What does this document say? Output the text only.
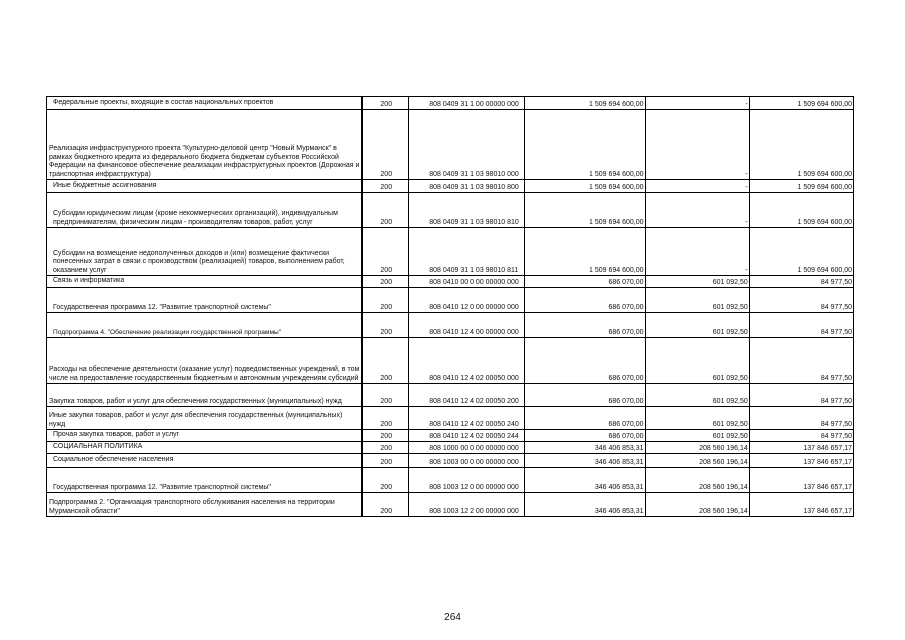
Федеральные проекты, входящие в состав национальных проектов	200	808 0409 31 1 00 00000 000	1 509 694 600,00	-	1 509 694 600,00
Реализация инфраструктурного проекта "Культурно-деловой центр "Новый Мурманск" в рамках бюджетного кредита из федерального бюджета бюджетам субъектов Российской Федерации на финансовое обеспечение реализации инфраструктурных проектов (Дорожная и транспортная инфраструктура)	200	808 0409 31 1 03 98010 000	1 509 694 600,00	-	1 509 694 600,00
Иные бюджетные ассигнования	200	808 0409 31 1 03 98010 800	1 509 694 600,00	-	1 509 694 600,00
Субсидии юридическим лицам (кроме некоммерческих организаций), индивидуальным предпринимателям, физическим лицам - производителям товаров, работ, услуг	200	808 0409 31 1 03 98010 810	1 509 694 600,00	-	1 509 694 600,00
Субсидии на возмещение недополученных доходов и (или) возмещение фактически понесенных затрат в связи с производством (реализацией) товаров, выполнением работ, оказанием услуг	200	808 0409 31 1 03 98010 811	1 509 694 600,00	-	1 509 694 600,00
Связь и информатика	200	808 0410 00 0 00 00000 000	686 070,00	601 092,50	84 977,50
Государственная программа 12. "Развитие транспортной системы"	200	808 0410 12 0 00 00000 000	686 070,00	601 092,50	84 977,50
Подпрограмма 4. "Обеспечение реализации государственной программы"	200	808 0410 12 4 00 00000 000	686 070,00	601 092,50	84 977,50
Расходы на обеспечение деятельности (оказание услуг) подведомственных учреждений, в том числе на предоставление государственным бюджетным и автономным учреждениям субсидий	200	808 0410 12 4 02 00050 000	686 070,00	601 092,50	84 977,50
Закупка товаров, работ и услуг для обеспечения государственных (муниципальных) нужд	200	808 0410 12 4 02 00050 200	686 070,00	601 092,50	84 977,50
Иные закупки товаров, работ и услуг для обеспечения государственных (муниципальных) нужд	200	808 0410 12 4 02 00050 240	686 070,00	601 092,50	84 977,50
Прочая закупка товаров, работ и услуг	200	808 0410 12 4 02 00050 244	686 070,00	601 092,50	84 977,50
СОЦИАЛЬНАЯ ПОЛИТИКА	200	808 1000 00 0 00 00000 000	346 406 853,31	208 560 196,14	137 846 657,17
Социальное обеспечение населения	200	808 1003 00 0 00 00000 000	346 406 853,31	208 560 196,14	137 846 657,17
Государственная программа 12. "Развитие транспортной системы"	200	808 1003 12 0 00 00000 000	346 406 853,31	208 560 196,14	137 846 657,17
Подпрограмма 2. "Организация транспортного обслуживания населения на территории Мурманской области"	200	808 1003 12 2 00 00000 000	346 406 853,31	208 560 196,14	137 846 657,17
264
